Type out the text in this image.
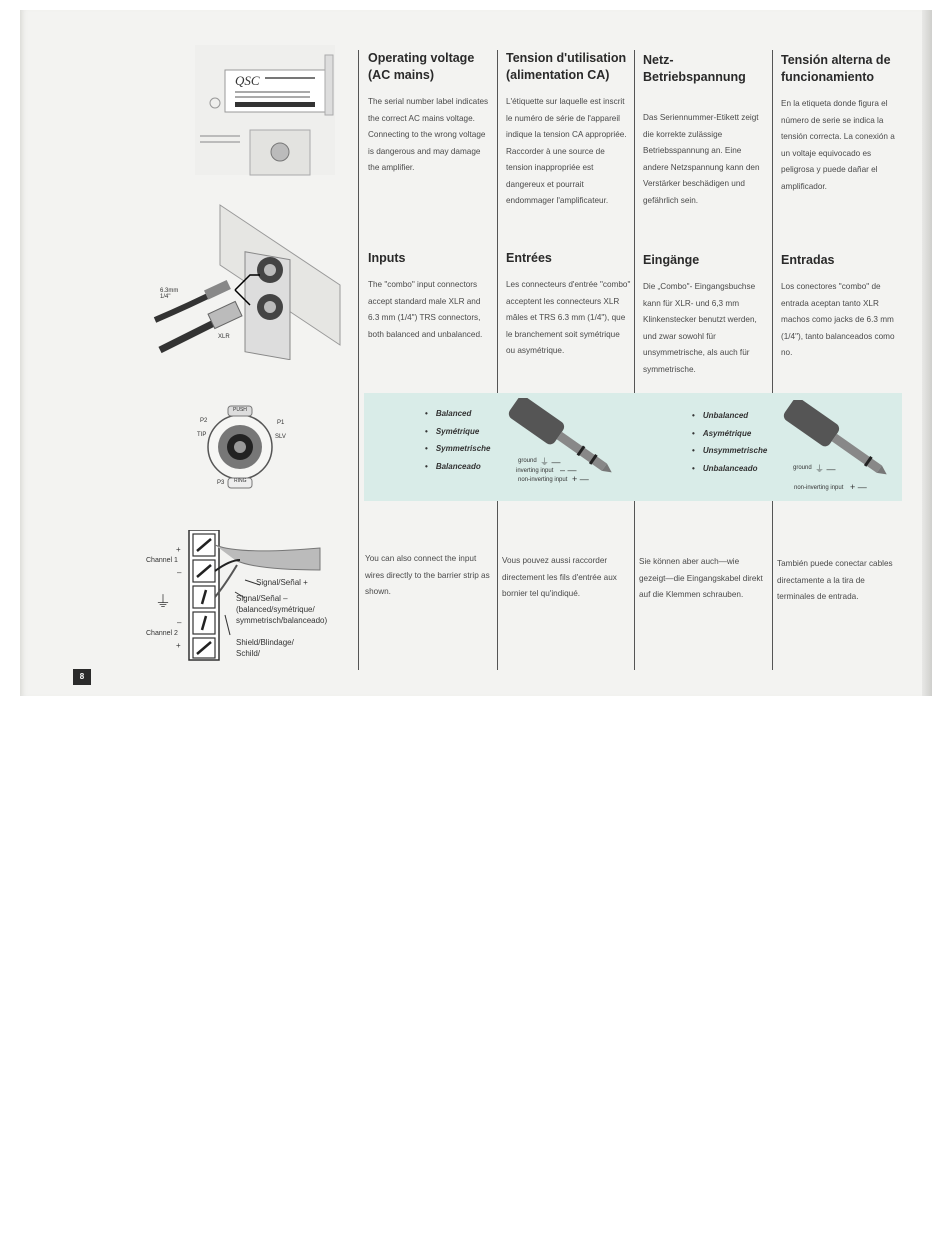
Operating voltage (AC mains)
The serial number label indicates the correct AC mains voltage. Connecting to the wrong voltage is dangerous and may damage the amplifier.
Tension d'utilisation (alimentation CA)
L'étiquette sur laquelle est inscrit le numéro de série de l'appareil indique la tension CA appropriée. Raccorder à une source de tension inappropriée est dangereux et pourrait endommager l'amplificateur.
Netz-Betriebspannung
Das Seriennummer-Etikett zeigt die korrekte zulässige Betriebsspannung an. Eine andere Netzspannung kann den Verstärker beschädigen und gefährlich sein.
Tensión alterna de funcionamiento
En la etiqueta donde figura el número de serie se indica la tensión correcta. La conexión a un voltaje equivocado es peligrosa y puede dañar el amplificador.
Inputs
The "combo" input connectors accept standard male XLR and 6.3 mm (1/4") TRS connectors, both balanced and unbalanced.
Entrées
Les connecteurs d'entrée "combo" acceptent les connecteurs XLR mâles et TRS 6.3 mm (1/4"), que le branchement soit symétrique ou asymétrique.
Eingänge
Die „Combo"- Eingangsbuchse kann für XLR- und 6,3 mm Klinkenstecker benutzt werden, und zwar sowohl für unsymmetrische, als auch für symmetrische.
Entradas
Los conectores "combo" de entrada aceptan tanto XLR machos como jacks de 6.3 mm (1/4"), tanto balanceados como no.
• Balanced
• Symétrique
• Symmetrische
• Balanceado
• Unbalanced
• Asymétrique
• Unsymmetrische
• Unbalanceado
ground ⏚ —
inverting input – —
non-inverting input + —
ground ⏚ —
non-inverting input + —
You can also connect the input wires directly to the barrier strip as shown.
Vous pouvez aussi raccorder directement les fils d'entrée aux bornier tel qu'indiqué.
Sie können aber auch—wie gezeigt—die Eingangskabel direkt auf die Klemmen schrauben.
También puede conectar cables directamente a la tira de terminales de entrada.
QSC
6.3mm 1/4"
XLR
PUSH
P2	P1
TIP	SLV
P3 RING
Channel 1
+
–
⏚
–
Channel 2
+
Signal/Señal +
Signal/Señal –
(balanced/symétrique/
symmetrisch/balanceado)
Shield/Blindage/
Schild/
8
